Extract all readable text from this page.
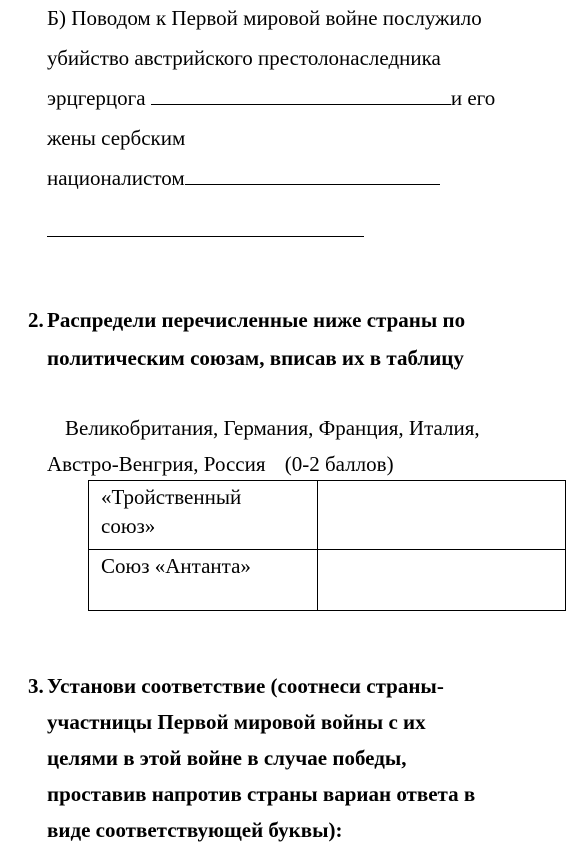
Б) Поводом к Первой мировой войне послужило

убийство австрийского престолонаследника

эрцгерцога	и его

жены сербским

националистом

2. Распредели перечисленные ниже страны по

политическим союзам, вписав их в таблицу

Великобритания, Германия, Франция, Италия,

Австро-Венгрия, Россия (0-2 баллов)

«Тройственный
союз»	
Союз «Антанта»	

3. Установи соответствие (соотнеси страны-

участницы Первой мировой войны с их

целями в этой войне в случае победы,

проставив напротив страны вариан ответа в

виде соответствующей буквы):
